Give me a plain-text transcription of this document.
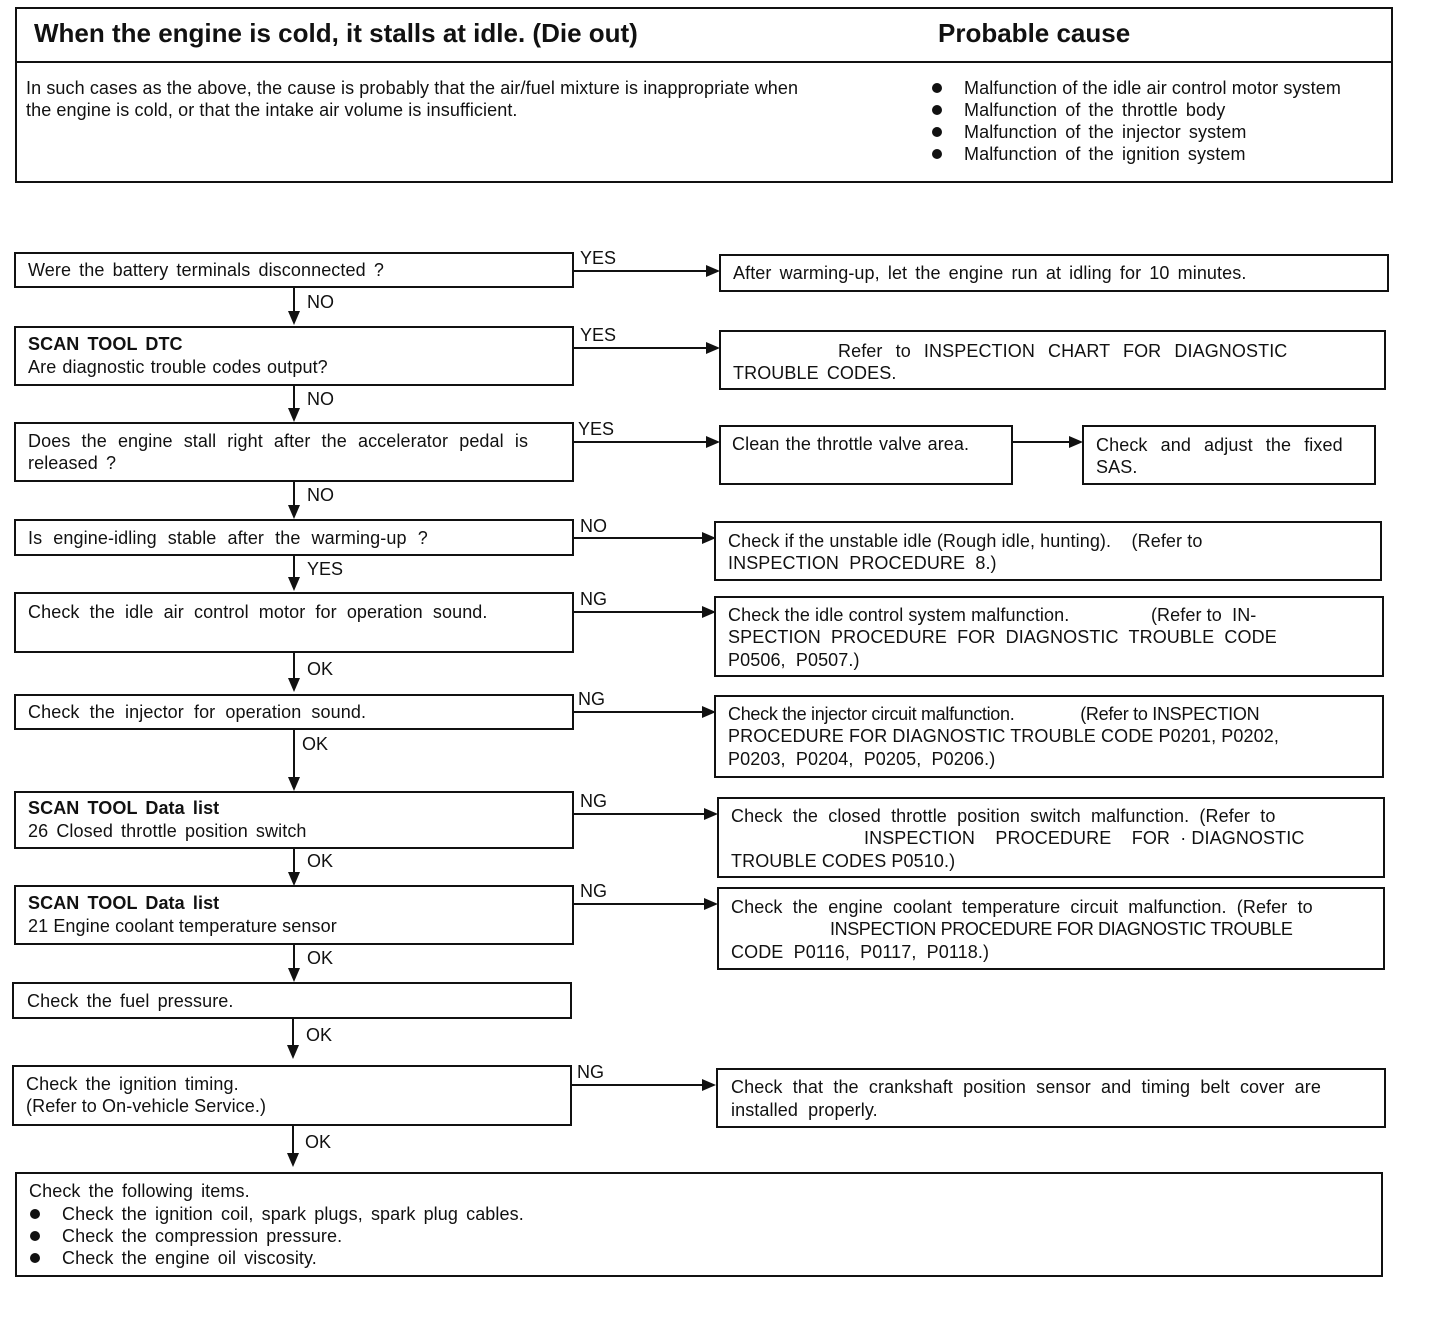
When the engine is cold, it stalls at idle. (Die out)	Probable cause
In such cases as the above, the cause is probably that the air/fuel mixture is inappropriate when
the engine is cold, or that the intake air volume is insufficient.
Malfunction of the idle air control motor system
Malfunction of the throttle body
Malfunction of the injector system
Malfunction of the ignition system
Were the battery terminals disconnected ?
YES
After warming-up, let the engine run at idling for 10 minutes.
NO
SCAN TOOL DTC
Are diagnostic trouble codes output?
YES
Refer to INSPECTION CHART FOR DIAGNOSTIC
TROUBLE CODES.
NO
Does the engine stall right after the accelerator pedal is
released ?
YES
Clean the throttle valve area.	Check and adjust the fixed
SAS.
NO
Is engine-idling stable after the warming-up ?
NO
Check if the unstable idle (Rough idle, hunting).    (Refer to
INSPECTION  PROCEDURE  8.)
YES
Check the idle air control motor for operation sound.
NG
Check the idle control system malfunction.                (Refer to  IN-
SPECTION  PROCEDURE  FOR  DIAGNOSTIC  TROUBLE  CODE
P0506,  P0507.)
OK
Check the injector for operation sound.
NG
Check the injector circuit malfunction.              (Refer to INSPECTION
PROCEDURE FOR DIAGNOSTIC TROUBLE CODE P0201, P0202,
P0203,  P0204,  P0205,  P0206.)
OK
SCAN TOOL Data list
26 Closed throttle position switch
NG
Check  the  closed  throttle  position  switch  malfunction.  (Refer  to
INSPECTION    PROCEDURE    FOR  · DIAGNOSTIC
TROUBLE CODES P0510.)
OK
SCAN TOOL Data list
21 Engine coolant temperature sensor
NG
Check  the  engine  coolant  temperature  circuit  malfunction.  (Refer  to
INSPECTION PROCEDURE FOR DIAGNOSTIC TROUBLE
CODE  P0116,  P0117,  P0118.)
OK
Check the fuel pressure.
OK
Check the ignition timing.
(Refer to On-vehicle Service.)
NG
Check  that  the  crankshaft  position  sensor  and  timing  belt  cover  are
installed  properly.
OK
Check the following items.
Check the ignition coil, spark plugs, spark plug cables.
Check the compression pressure.
Check the engine oil viscosity.
